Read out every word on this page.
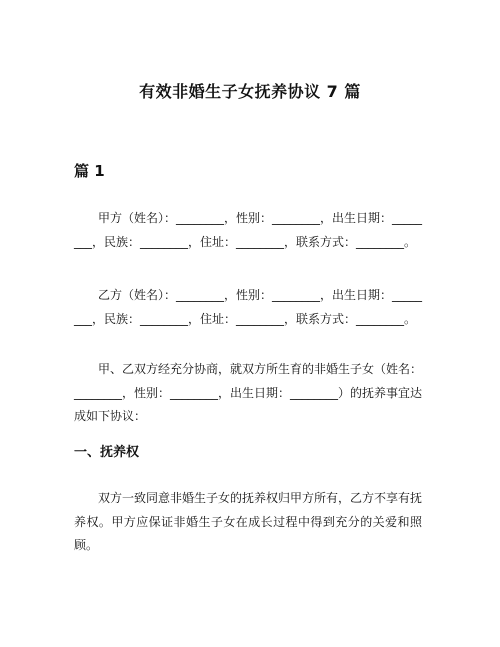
有效非婚生子女抚养协议 7 篇
篇 1

甲方（姓名）：________，性别：________，出生日期：________，民族：________，住址：________，联系方式：________。

乙方（姓名）：________，性别：________，出生日期：________，民族：________，住址：________，联系方式：________。

甲、乙双方经充分协商，就双方所生育的非婚生子女（姓名：________，性别：________，出生日期：________）的抚养事宜达成如下协议：

一、抚养权

双方一致同意非婚生子女的抚养权归甲方所有，乙方不享有抚养权。甲方应保证非婚生子女在成长过程中得到充分的关爱和照顾。
